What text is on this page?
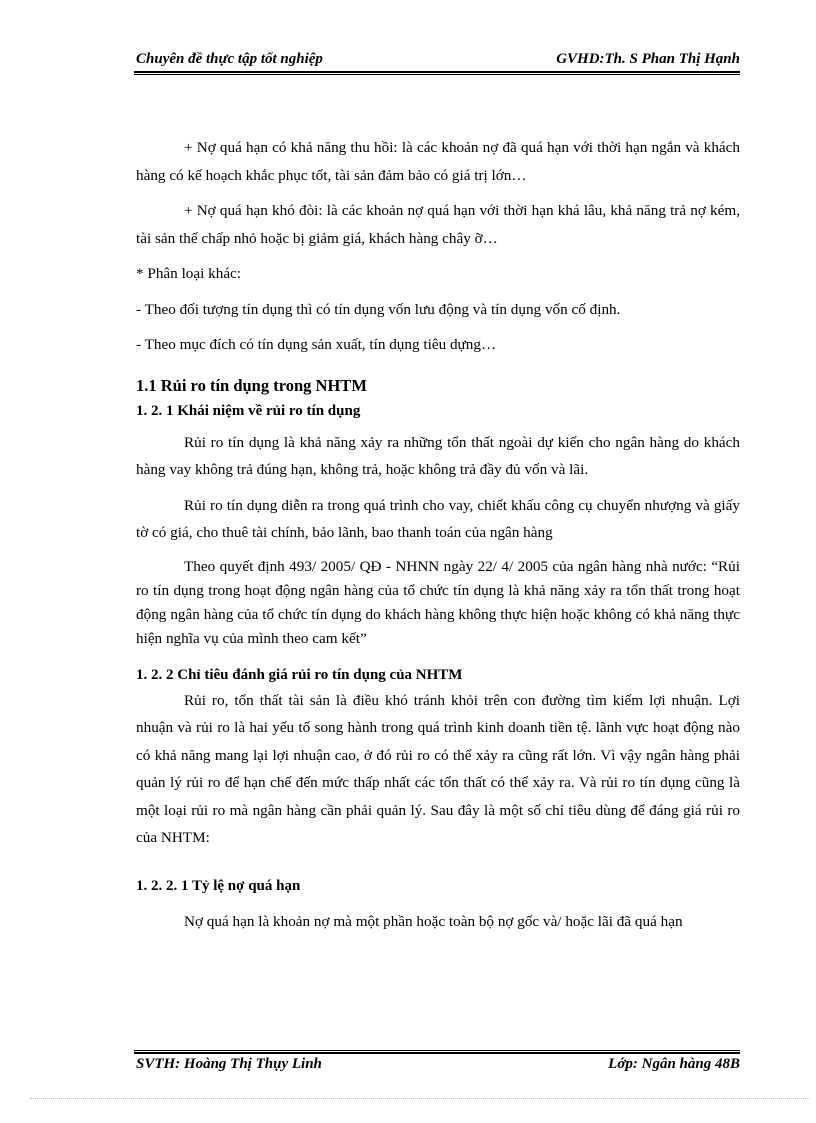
Chuyên đề thực tập tốt nghiệp	GVHD:Th. S Phan Thị Hạnh

+ Nợ quá hạn có khả năng thu hồi: là các khoản nợ đã quá hạn với thời hạn ngắn và khách hàng có kế hoạch khắc phục tốt, tài sản đảm bảo có giá trị lớn…

+ Nợ quá hạn khó đòi: là các khoản nợ quá hạn với thời hạn khá lâu, khả năng trả nợ kém, tài sản thế chấp nhỏ hoặc bị giảm giá, khách hàng chây ỡ…

* Phân loại khác:

- Theo đối tượng tín dụng thì có tín dụng vốn lưu động và tín dụng vốn cố định.

- Theo mục đích có tín dụng sản xuất, tín dụng tiêu dựng…

1.1 Rủi ro tín dụng trong NHTM
1. 2. 1 Khái niệm về rủi ro tín dụng

Rủi ro tín dụng là khả năng xảy ra những tổn thất ngoài dự kiến cho ngân hàng do khách hàng vay không trả đúng hạn, không trả, hoặc không trả đầy đủ vốn và lãi.

Rủi ro tín dụng diễn ra trong quá trình cho vay, chiết khấu công cụ chuyển nhượng và giấy tờ có giá, cho thuê tài chính, bảo lãnh, bao thanh toán của ngân hàng

Theo quyết định 493/ 2005/ QĐ - NHNN ngày 22/ 4/ 2005 của ngân hàng nhà nước: “Rủi ro tín dụng trong hoạt động ngân hàng của tổ chức tín dụng là khả năng xảy ra tổn thất trong hoạt động ngân hàng của tổ chức tín dụng do khách hàng không thực hiện hoặc không có khả năng thực hiện nghĩa vụ của mình theo cam kết”

1. 2. 2 Chỉ tiêu đánh giá rủi ro tín dụng của NHTM

Rủi ro, tổn thất tài sản là điều khó tránh khỏi trên con đường tìm kiếm lợi nhuận. Lợi nhuận và rủi ro là hai yếu tố song hành trong quá trình kinh doanh tiền tệ. lãnh vực hoạt động nào có khả năng mang lại lợi nhuận cao, ở đó rủi ro có thể xảy ra cũng rất lớn. Vì vậy ngân hàng phải quản lý rủi ro để hạn chế đến mức thấp nhất các tổn thất có thể xảy ra. Và rủi ro tín dụng cũng là một loại rủi ro mà ngân hàng cần phải quản lý. Sau đây là một số chỉ tiêu dùng để đáng giá rủi ro của NHTM:

1. 2. 2. 1 Tỷ lệ nợ quá hạn

Nợ quá hạn là khoản nợ mà một phần hoặc toàn bộ nợ gốc và/ hoặc lãi đã quá hạn

SVTH: Hoàng Thị Thụy Linh	Lớp: Ngân hàng 48B
